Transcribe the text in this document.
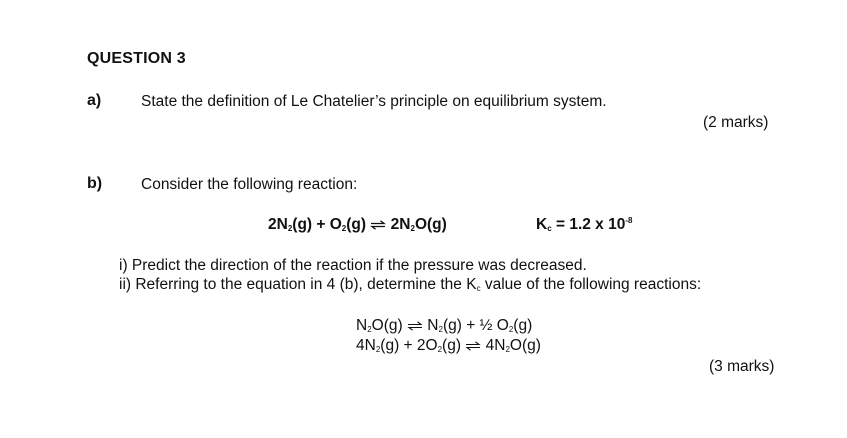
QUESTION 3
a)	State the definition of Le Chatelier’s principle on equilibrium system.
(2 marks)
b)	Consider the following reaction:
$2N_2(g) + O_2(g)$ ⇌ $2N_2O(g)$	$K_c = 1.2$ x $10^{-8}$
i) Predict the direction of the reaction if the pressure was decreased.
ii) Referring to the equation in 4 (b), determine the $K_c$ value of the following reactions:
$N_2O(g)$ ⇌ $N_2(g)$ + ½ $O_2(g)$
$4N_2(g) + 2O_2(g)$ ⇌ $4N_2O(g)$
(3 marks)
